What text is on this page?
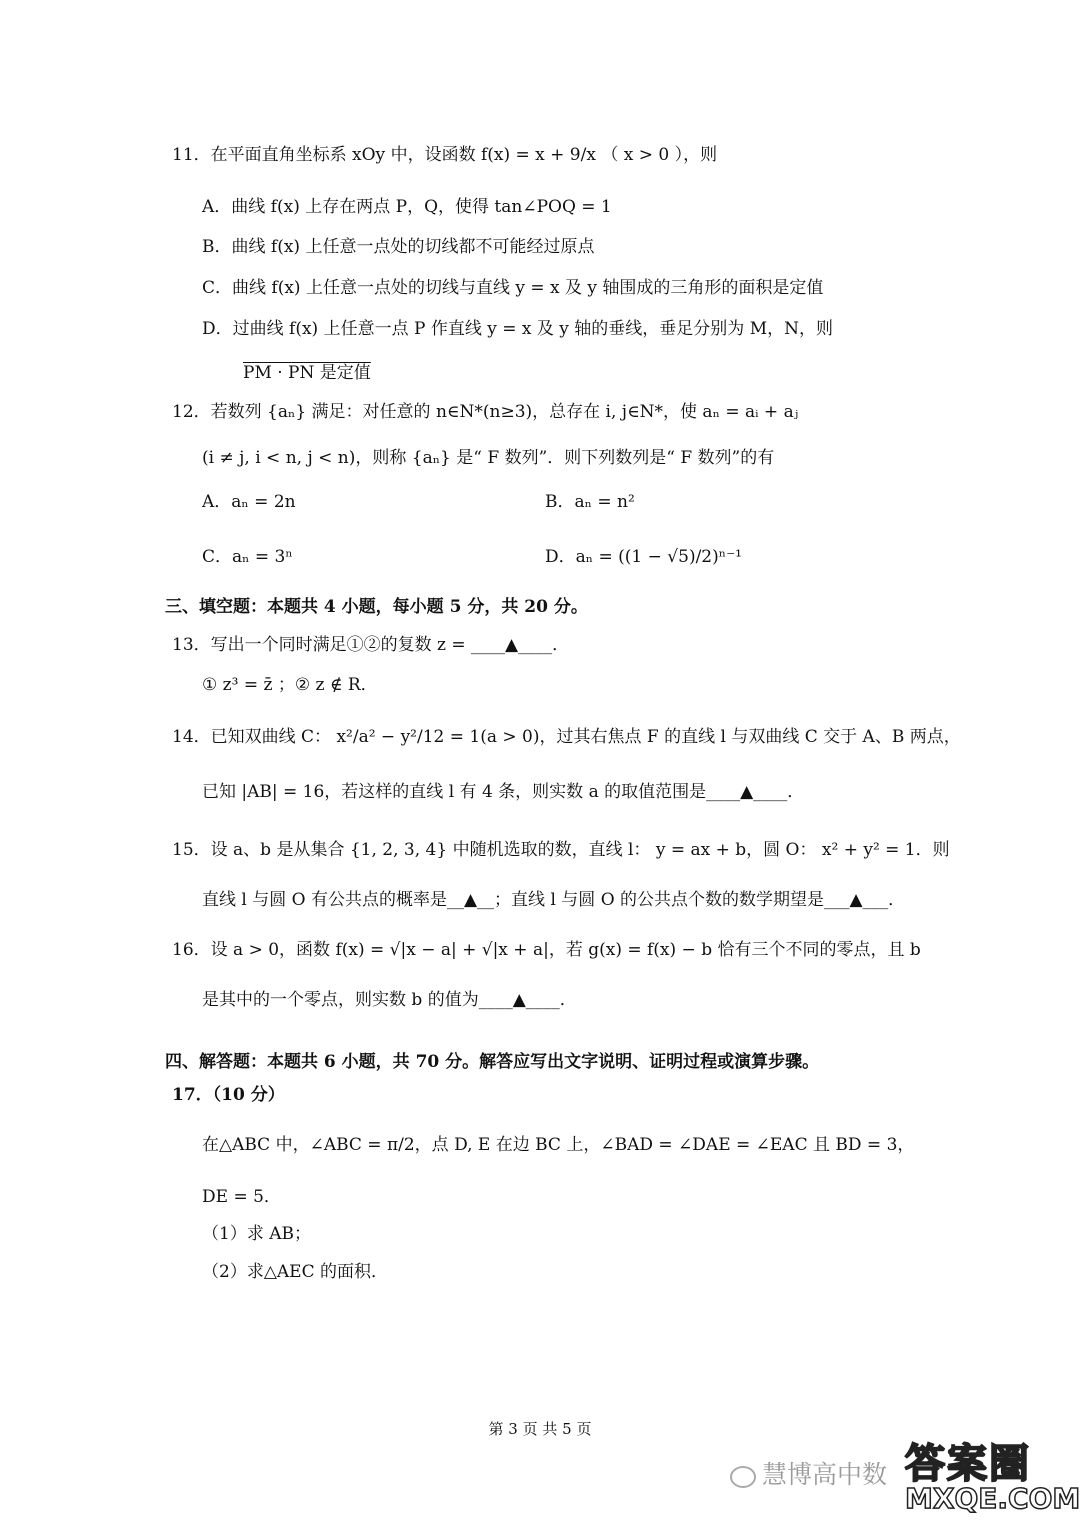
11．在平面直角坐标系 xOy 中，设函数 f(x) = x + 9/x （ x > 0 ），则
A．曲线 f(x) 上存在两点 P，Q，使得 tan∠POQ = 1
B．曲线 f(x) 上任意一点处的切线都不可能经过原点
C．曲线 f(x) 上任意一点处的切线与直线 y = x 及 y 轴围成的三角形的面积是定值
D．过曲线 f(x) 上任意一点 P 作直线 y = x 及 y 轴的垂线，垂足分别为 M，N，则
PM · PN 是定值
12．若数列 {aₙ} 满足：对任意的 n∈N*(n≥3)，总存在 i, j∈N*，使 aₙ = aᵢ + aⱼ
(i ≠ j, i < n, j < n)，则称 {aₙ} 是“ F 数列”．则下列数列是“ F 数列”的有
A．aₙ = 2n	B．aₙ = n²
C．aₙ = 3ⁿ	D．aₙ = ((1 − √5)/2)ⁿ⁻¹
三、填空题：本题共 4 小题，每小题 5 分，共 20 分。
13．写出一个同时满足①②的复数 z = ____▲____．
① z³ = z̄ ；② z ∉ R．
14．已知双曲线 C： x²/a² − y²/12 = 1(a > 0)，过其右焦点 F 的直线 l 与双曲线 C 交于 A、B 两点，
已知 |AB| = 16，若这样的直线 l 有 4 条，则实数 a 的取值范围是____▲____．
15．设 a、b 是从集合 {1, 2, 3, 4} 中随机选取的数，直线 l： y = ax + b，圆 O： x² + y² = 1．则
直线 l 与圆 O 有公共点的概率是__▲__；直线 l 与圆 O 的公共点个数的数学期望是___▲___．
16．设 a > 0，函数 f(x) = √|x − a| + √|x + a|，若 g(x) = f(x) − b 恰有三个不同的零点，且 b
是其中的一个零点，则实数 b 的值为____▲____．
四、解答题：本题共 6 小题，共 70 分。解答应写出文字说明、证明过程或演算步骤。
17．（10 分）
在△ABC 中，∠ABC = π/2，点 D, E 在边 BC 上，∠BAD = ∠DAE = ∠EAC 且 BD = 3，
DE = 5．
（1）求 AB；
（2）求△AEC 的面积．
第 3 页 共 5 页
慧博高中数 答案圈
MXQE.COM
